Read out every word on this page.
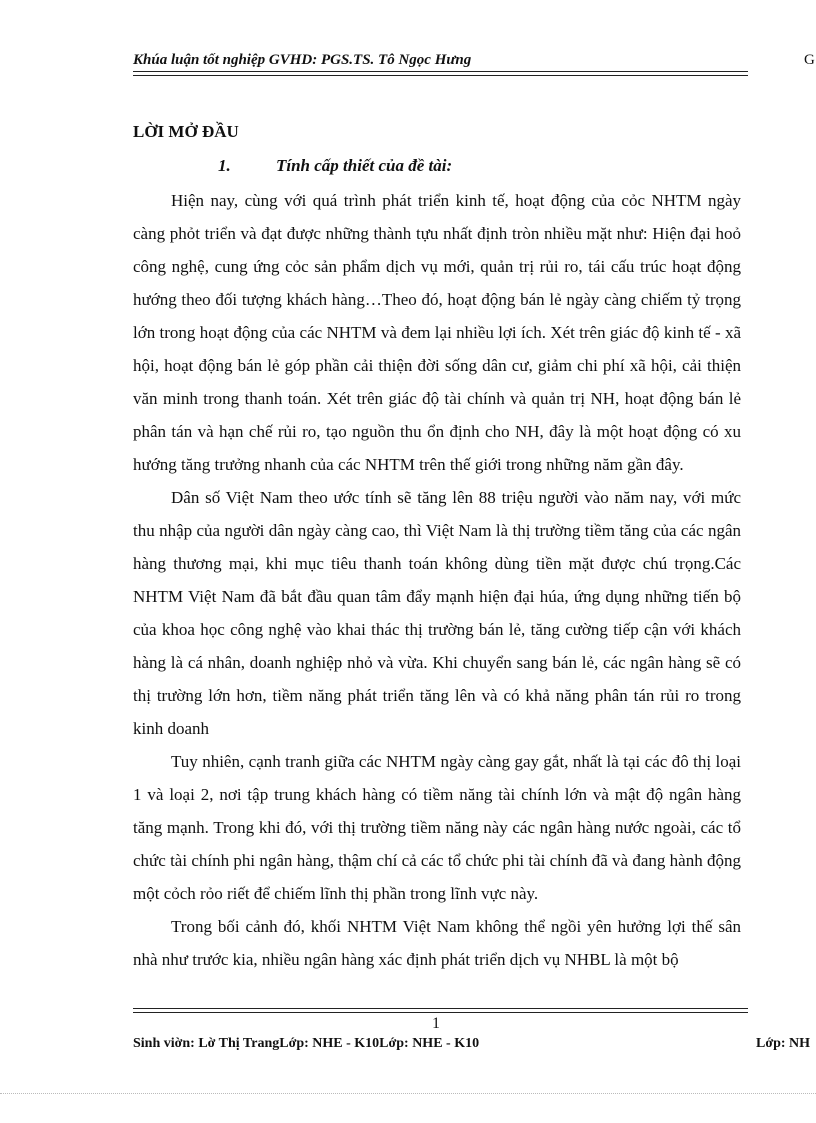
Khúa luận tốt nghiệp GVHD: PGS.TS. Tô Ngọc Hưng	G
LỜI MỞ ĐẦU
1.	Tính cấp thiết của đề tài:

Hiện nay, cùng với quá trình phát triển kinh tế, hoạt động của cỏc NHTM ngày càng phỏt triển và đạt được những thành tựu nhất định tròn nhiều mặt như: Hiện đại hoỏ công nghệ, cung ứng cỏc sản phẩm dịch vụ mới, quản trị rủi ro, tái cấu trúc hoạt động hướng theo đối tượng khách hàng…Theo đó, hoạt động bán lẻ ngày càng chiếm tỷ trọng lớn trong hoạt động của các NHTM và đem lại nhiều lợi ích. Xét trên giác độ kinh tế - xã hội, hoạt động bán lẻ góp phần cải thiện đời sống dân cư, giảm chi phí xã hội, cải thiện văn minh trong thanh toán. Xét trên giác độ tài chính và quản trị NH, hoạt động bán lẻ phân tán và hạn chế rủi ro, tạo nguồn thu ổn định cho NH, đây là một hoạt động có xu hướng tăng trưởng nhanh của các NHTM trên thế giới trong những năm gần đây.

Dân số Việt Nam theo ước tính sẽ tăng lên 88 triệu người vào năm nay, với mức thu nhập của người dân ngày càng cao, thì Việt Nam là thị trường tiềm tăng của các ngân hàng thương mại, khi mục tiêu thanh toán không dùng tiền mặt được chú trọng.Các NHTM Việt Nam đã bắt đầu quan tâm đẩy mạnh hiện đại húa, ứng dụng những tiến bộ của khoa học công nghệ vào khai thác thị trường bán lẻ, tăng cường tiếp cận với khách hàng là cá nhân, doanh nghiệp nhỏ và vừa. Khi chuyển sang bán lẻ, các ngân hàng sẽ có thị trường lớn hơn, tiềm năng phát triển tăng lên và có khả năng phân tán rủi ro trong kinh doanh

Tuy nhiên, cạnh tranh giữa các NHTM ngày càng gay gắt, nhất là tại các đô thị loại 1 và loại 2, nơi tập trung khách hàng có tiềm năng tài chính lớn và mật độ ngân hàng tăng mạnh. Trong khi đó, với thị trường tiềm năng này các ngân hàng nước ngoài, các tổ chức tài chính phi ngân hàng, thậm chí cả các tổ chức phi tài chính đã và đang hành động một cỏch rỏo riết để chiếm lĩnh thị phần trong lĩnh vực này.

Trong bối cảnh đó, khối NHTM Việt Nam không thể ngồi yên hưởng lợi thế sân nhà như trước kia, nhiều ngân hàng xác định phát triển dịch vụ NHBL là một bộ

1
Sinh viờn: Lờ Thị TrangLớp: NHE - K10Lớp: NHE - K10	Lớp: NH
